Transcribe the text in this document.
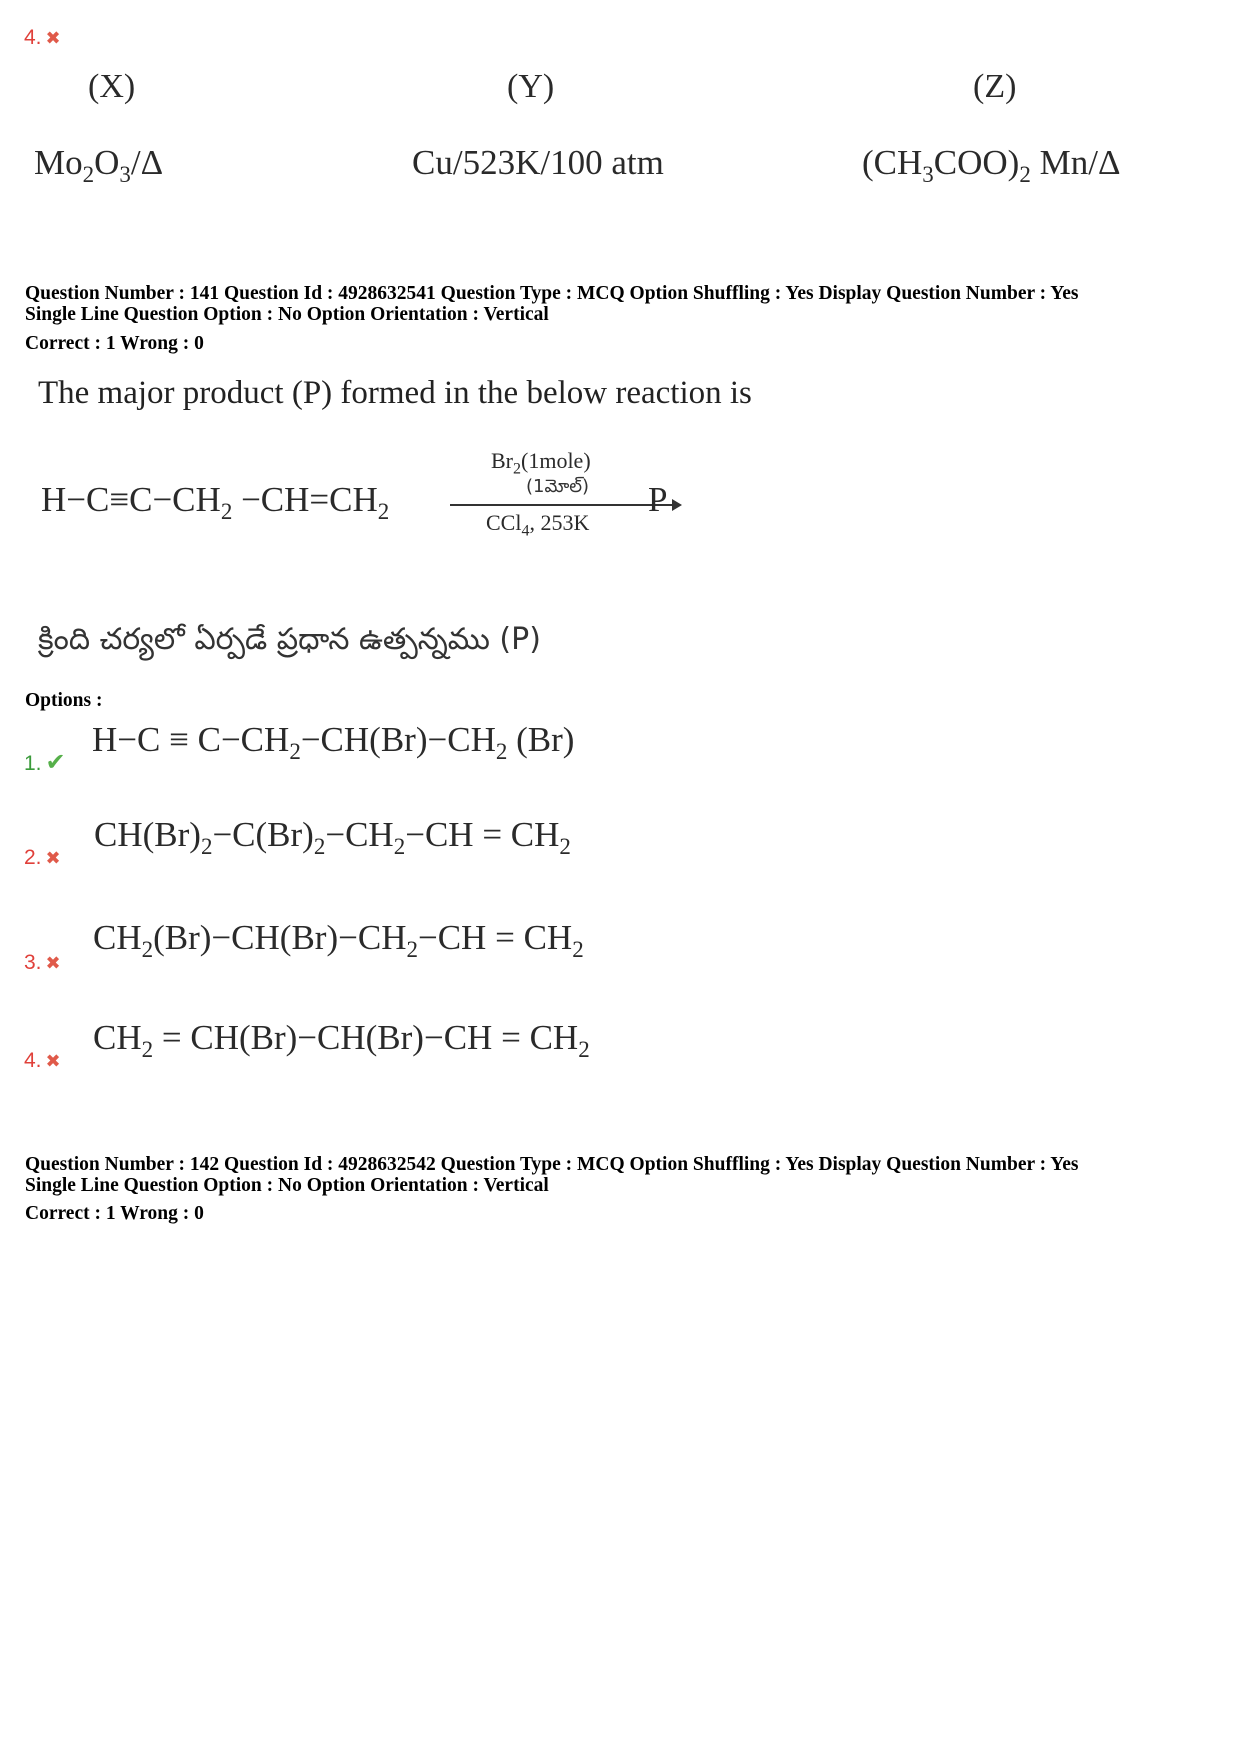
4. ✖
(X)	(Y)	(Z)
$Mo_2O_3/\Delta$	Cu/523K/100 atm	$(CH_3COO)_2$ Mn/Δ
Question Number : 141 Question Id : 4928632541 Question Type : MCQ Option Shuffling : Yes Display Question Number : Yes
Single Line Question Option : No Option Orientation : Vertical
Correct : 1 Wrong : 0
The major product (P) formed in the below reaction is
$H-C\equiv C-CH_2 -CH=CH_2$
$Br_2(1mole)$
(1మోల్)
CCl$_4$, 253K
P
క్రింది చర్యలో ఏర్పడే ప్రధాన ఉత్పన్నము (P)
Options :
1. ✔
$H-C \equiv C-CH_2-CH(Br)-CH_2$ (Br)
2. ✖
$CH(Br)_2-C(Br)_2-CH_2-CH = CH_2$
3. ✖
$CH_2(Br)-CH(Br)-CH_2-CH = CH_2$
4. ✖
$CH_2 = CH(Br)-CH(Br)-CH = CH_2$
Question Number : 142 Question Id : 4928632542 Question Type : MCQ Option Shuffling : Yes Display Question Number : Yes
Single Line Question Option : No Option Orientation : Vertical
Correct : 1 Wrong : 0
